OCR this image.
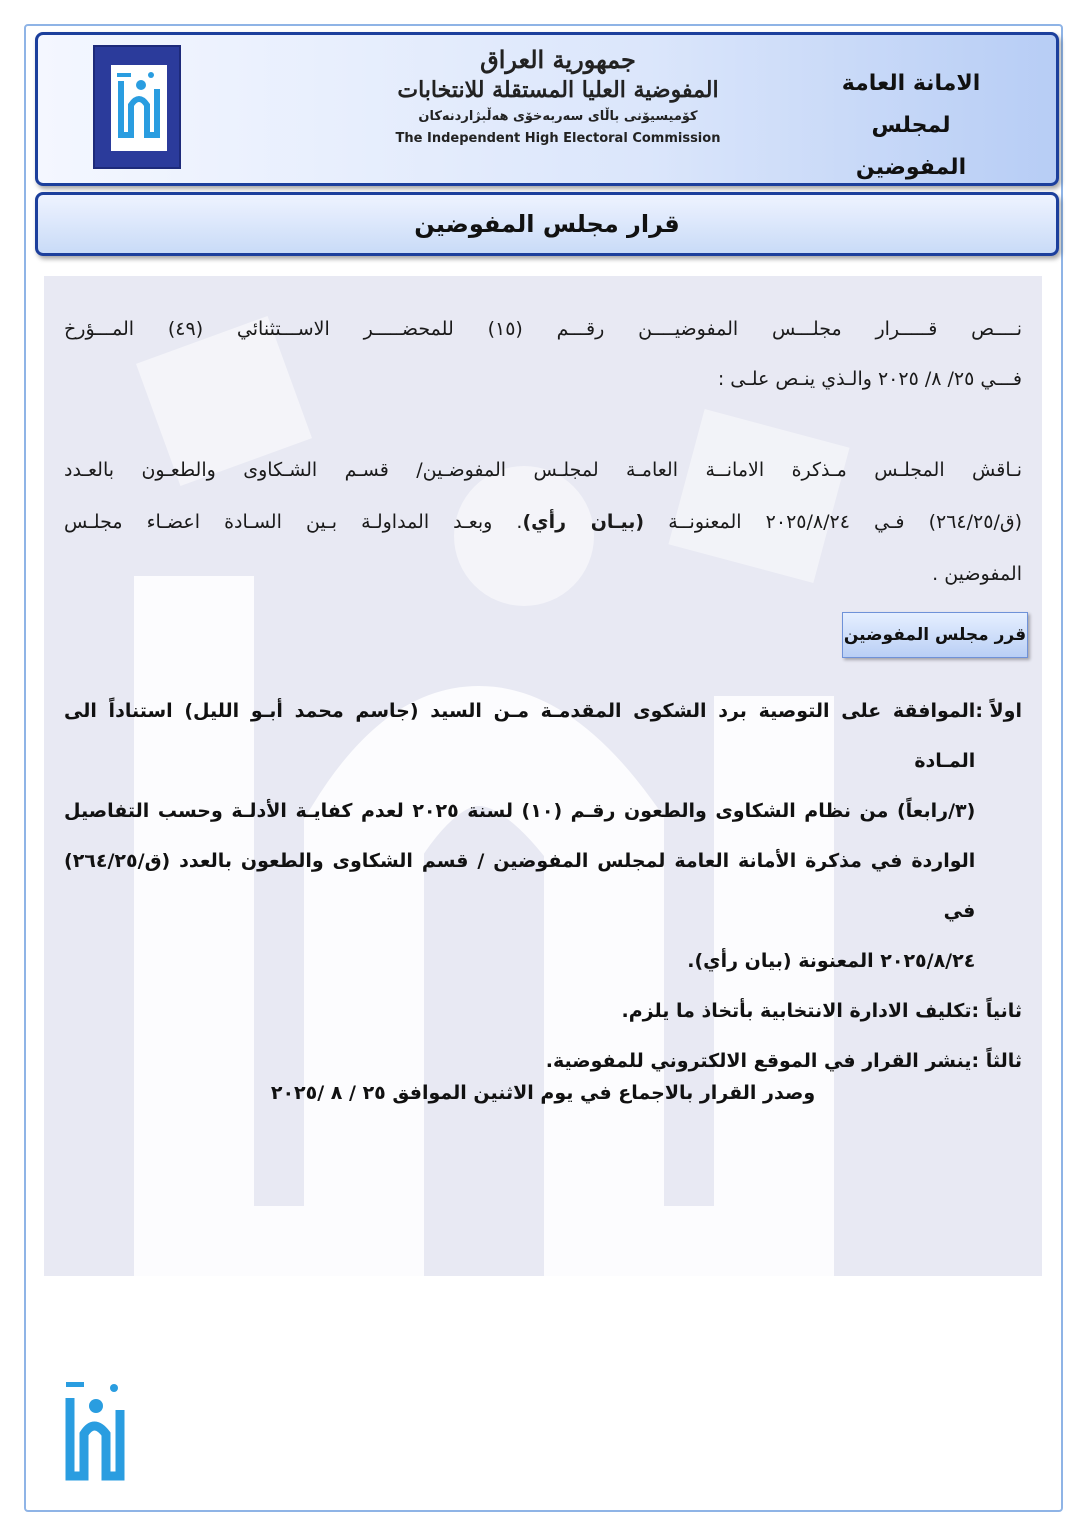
جمهورية العراق
المفوضية العليا المستقلة للانتخابات
كۆمیسیۆنی باڵای سەربەخۆی هەڵبژاردنەکان
The Independent High Electoral Commission
الامانة العامة
لمجلس المفوضين
قرار مجلس المفوضين
نــــص قـــــرار مجلـــس المفوضيــــن رقـــم (١٥) للمحضـــــر الاســـتثنائي (٤٩) المـــؤرخ
فـــي ٢٥/ ٨/ ٢٠٢٥ والـذي ينـص علـى :
نـاقش المجلـس مـذكرة الامانــة العامـة لمجلـس المفوضـين/ قسـم الشـكاوى والطعـون بالعـدد
(ق/٢٦٤/٢٥) فـي ٢٠٢٥/٨/٢٤ المعنونــة (بيـان رأي). وبعـد المداولـة بـين السـادة اعضـاء مجلـس
المفوضين .
قرر مجلس المفوضين
اولاً :
الموافقة على التوصية برد الشكوى المقدمـة مـن السيد (جاسم محمد أبـو الليل) استناداً الى المـادة
(٣/رابعاً) من نظام الشكاوى والطعون رقـم (١٠) لسنة ٢٠٢٥ لعدم كفايـة الأدلـة وحسب التفاصيل
الواردة في مذكرة الأمانة العامة لمجلس المفوضين / قسم الشكاوى والطعون بالعدد (ق/٢٦٤/٢٥) في
٢٠٢٥/٨/٢٤ المعنونة (بيان رأي).
ثانياً :
تكليف الادارة الانتخابية بأتخاذ ما يلزم.
ثالثاً :
ينشر القرار في الموقع الالكتروني للمفوضية.
وصدر القرار بالاجماع في يوم الاثنين الموافق ٢٥ / ٨ /٢٠٢٥
